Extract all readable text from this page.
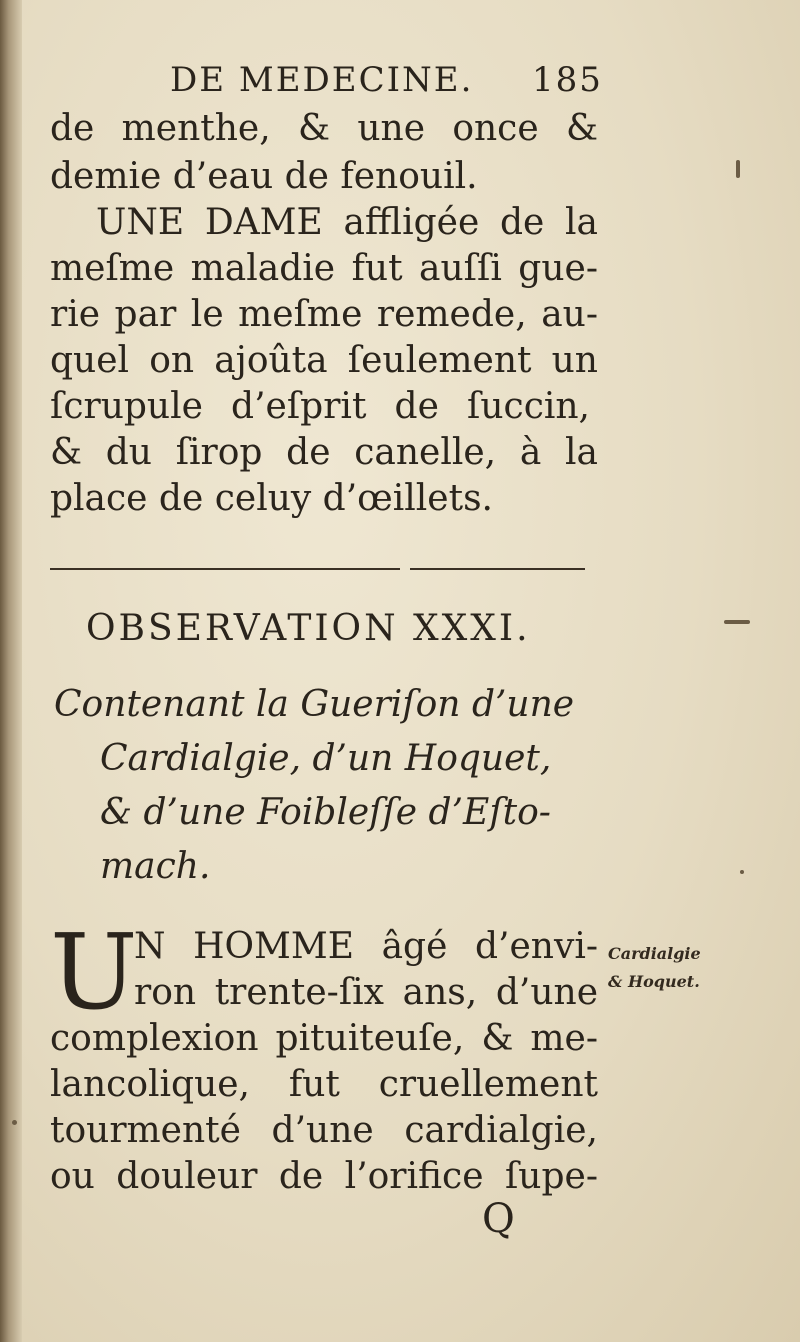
DE MEDECINE. 185
de menthe, & une once &
demie d’eau de fenouil.
UNE DAME affligée de la
meſme maladie fut auſſi gue-
rie par le meſme remede, au-
quel on ajoûta ſeulement un
ſcrupule d’eſprit de ſuccin,
& du ſirop de canelle, à la
place de celuy d’œillets.
OBSERVATION XXXI.
Contenant la Gueriſon d’une
Cardialgie, d’un Hoquet,
& d’une Foibleſſe d’Eſto-
mach.
U
N HOMME âgé d’envi-
ron trente-ſix ans, d’une
complexion pituiteuſe, & me-
lancolique, fut cruellement
tourmenté d’une cardialgie,
ou douleur de l’orifice ſupe-
Cardialgie
& Hoquet.
Q
